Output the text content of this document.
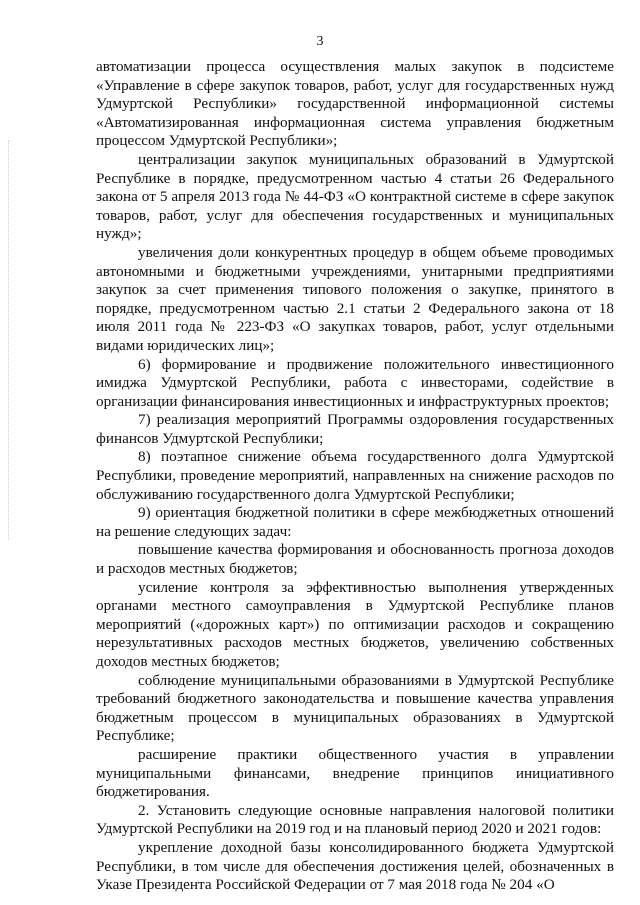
3

автоматизации процесса осуществления малых закупок в подсистеме «Управление в сфере закупок товаров, работ, услуг для государственных нужд Удмуртской Республики» государственной информационной системы «Автоматизированная информационная система управления бюджетным процессом Удмуртской Республики»;

централизации закупок муниципальных образований в Удмуртской Республике в порядке, предусмотренном частью 4 статьи 26 Федерального закона от 5 апреля 2013 года № 44-ФЗ «О контрактной системе в сфере закупок товаров, работ, услуг для обеспечения государственных и муниципальных нужд»;

увеличения доли конкурентных процедур в общем объеме проводимых автономными и бюджетными учреждениями, унитарными предприятиями закупок за счет применения типового положения о закупке, принятого в порядке, предусмотренном частью 2.1 статьи 2 Федерального закона от 18 июля 2011 года № 223-ФЗ «О закупках товаров, работ, услуг отдельными видами юридических лиц»;

6) формирование и продвижение положительного инвестиционного имиджа Удмуртской Республики, работа с инвесторами, содействие в организации финансирования инвестиционных и инфраструктурных проектов;

7) реализация мероприятий Программы оздоровления государственных финансов Удмуртской Республики;

8) поэтапное снижение объема государственного долга Удмуртской Республики, проведение мероприятий, направленных на снижение расходов по обслуживанию государственного долга Удмуртской Республики;

9) ориентация бюджетной политики в сфере межбюджетных отношений на решение следующих задач:

повышение качества формирования и обоснованность прогноза доходов и расходов местных бюджетов;

усиление контроля за эффективностью выполнения утвержденных органами местного самоуправления в Удмуртской Республике планов мероприятий («дорожных карт») по оптимизации расходов и сокращению нерезультативных расходов местных бюджетов, увеличению собственных доходов местных бюджетов;

соблюдение муниципальными образованиями в Удмуртской Республике требований бюджетного законодательства и повышение качества управления бюджетным процессом в муниципальных образованиях в Удмуртской Республике;

расширение практики общественного участия в управлении муниципальными финансами, внедрение принципов инициативного бюджетирования.

2. Установить следующие основные направления налоговой политики Удмуртской Республики на 2019 год и на плановый период 2020 и 2021 годов:

укрепление доходной базы консолидированного бюджета Удмуртской Республики, в том числе для обеспечения достижения целей, обозначенных в Указе Президента Российской Федерации от 7 мая 2018 года № 204 «О
